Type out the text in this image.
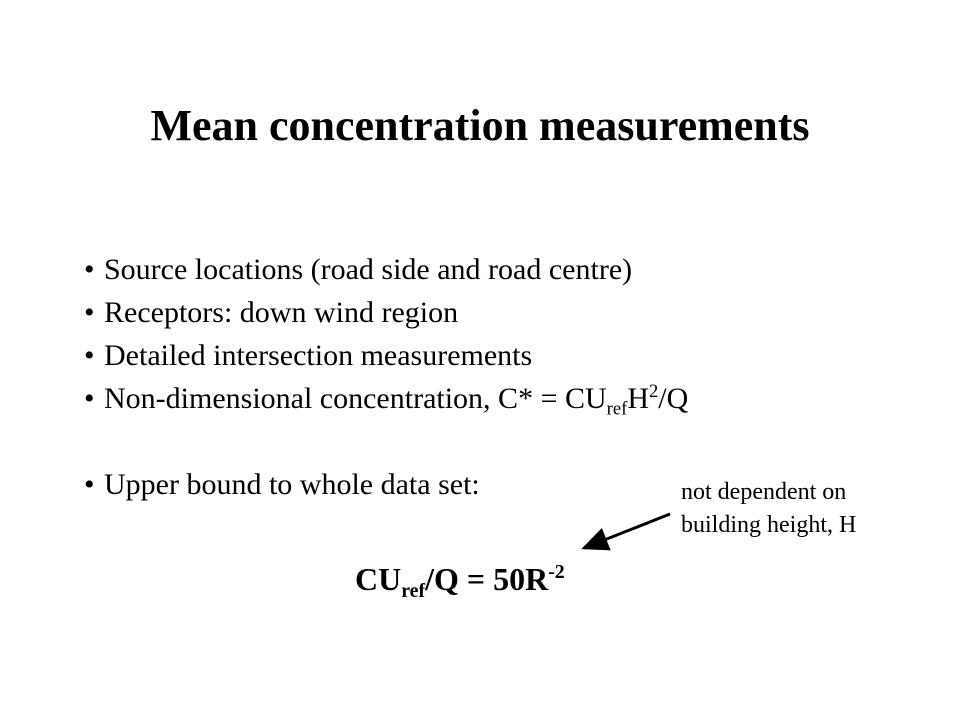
Mean concentration measurements
• Source locations (road side and road centre)
• Receptors: down wind region
• Detailed intersection measurements
• Non-dimensional concentration, $C* = CU_{ref}H^2/Q$
• Upper bound to whole data set:	not dependent on
building height, H
$CU_{ref}/Q = 50R^{-2}$
